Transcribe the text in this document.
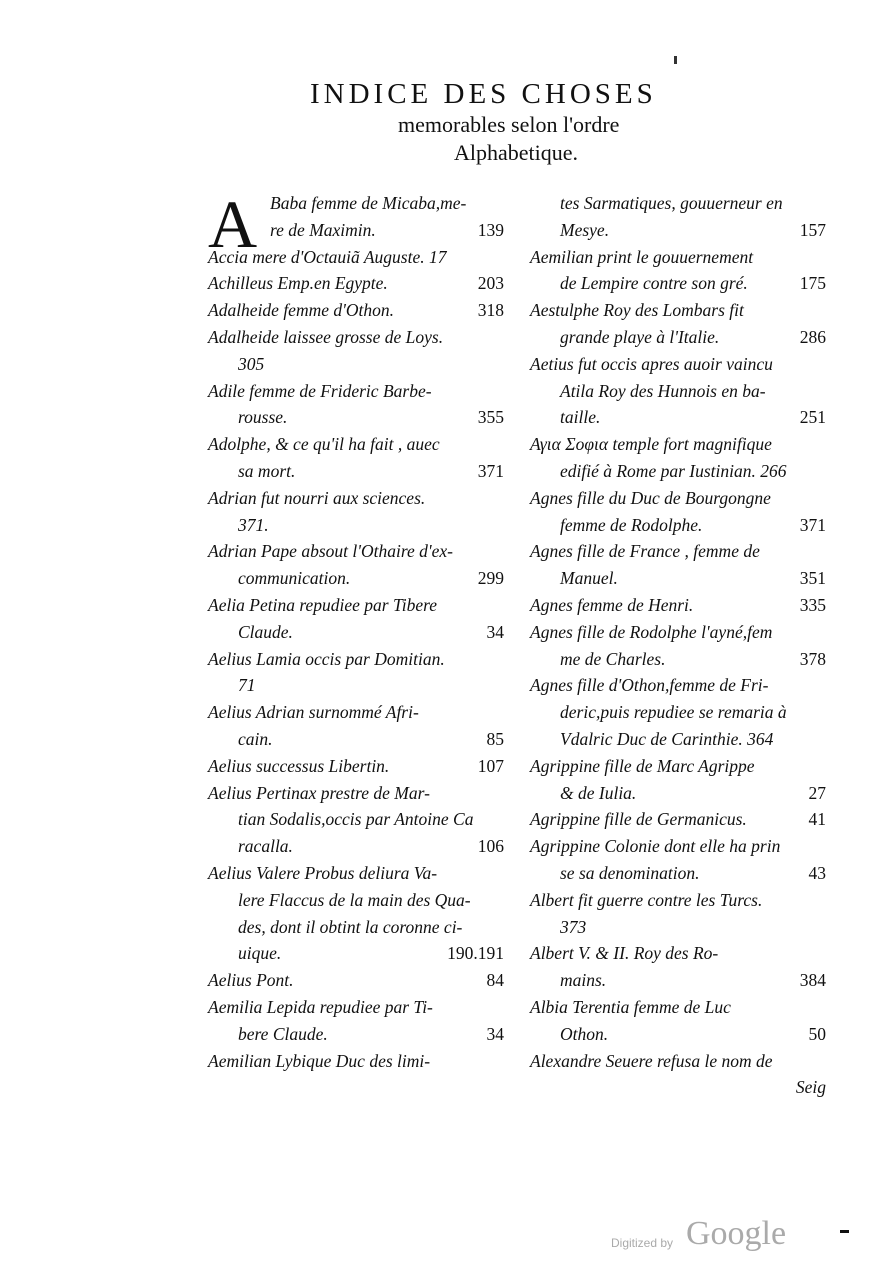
INDICE DES CHOSES
memorables selon l'ordre
Alphabetique.
A Baba femme de Micaba,me-
re de Maximin.	139
Accia mere d'Octauiã Auguste. 17
Achilleus Emp.en Egypte.	203
Adalheide femme d'Othon.	318
Adalheide laissee grosse de Loys.
305
Adile femme de Frideric Barbe-
rousse.	355
Adolphe, & ce qu'il ha fait , auec
sa mort.	371
Adrian fut nourri aux sciences.
371.
Adrian Pape absout l'Othaire d'ex-
communication.	299
Aelia Petina repudiee par Tibere
Claude.	34
Aelius Lamia occis par Domitian.
71
Aelius Adrian surnommé Afri-
cain.	85
Aelius successus Libertin.	107
Aelius Pertinax prestre de Mar-
tian Sodalis,occis par Antoine Ca
racalla.	106
Aelius Valere Probus deliura Va-
lere Flaccus de la main des Qua-
des, dont il obtint la coronne ci-
uique.	190.191
Aelius Pont.	84
Aemilia Lepida repudiee par Ti-
bere Claude.	34
Aemilian Lybique Duc des limi-
tes Sarmatiques, gouuerneur en
Mesye.	157
Aemilian print le gouuernement
de Lempire contre son gré.	175
Aestulphe Roy des Lombars fit
grande playe à l'Italie.	286
Aetius fut occis apres auoir vaincu
Atila Roy des Hunnois en ba-
taille.	251
Αγια Σοφια temple fort magnifique
edifié à Rome par Iustinian. 266
Agnes fille du Duc de Bourgongne
femme de Rodolphe.	371
Agnes fille de France , femme de
Manuel.	351
Agnes femme de Henri.	335
Agnes fille de Rodolphe l'ayné,fem
me de Charles.	378
Agnes fille d'Othon,femme de Fri-
deric,puis repudiee se remaria à
Vdalric Duc de Carinthie. 364
Agrippine fille de Marc Agrippe
& de Iulia.	27
Agrippine fille de Germanicus.	41
Agrippine Colonie dont elle ha prin
se sa denomination.	43
Albert fit guerre contre les Turcs.
373
Albert V. & II. Roy des Ro-
mains.	384
Albia Terentia femme de Luc
Othon.	50
Alexandre Seuere refusa le nom de
Seig
Digitized by Google
